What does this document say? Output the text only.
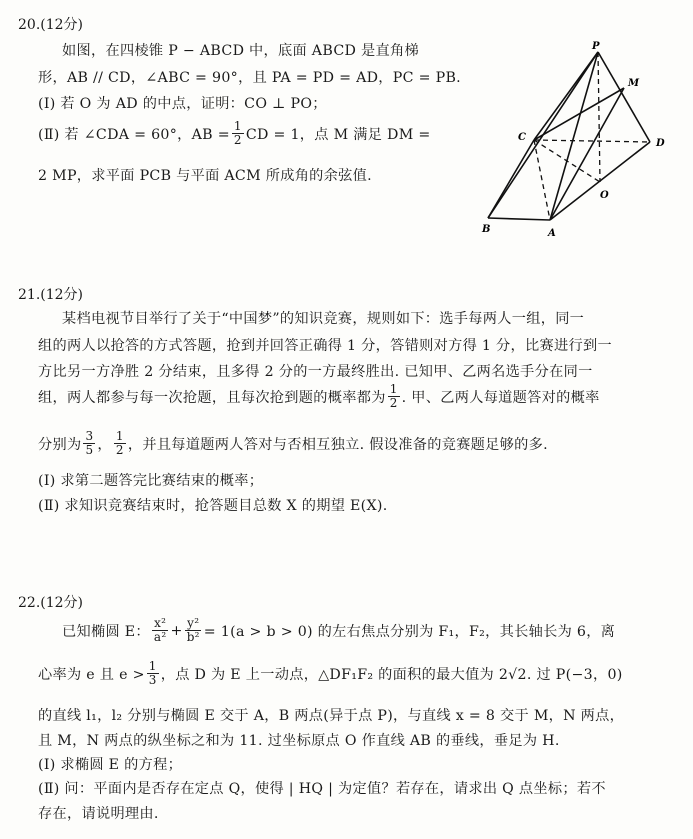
20.(12分)
如图，在四棱锥 P − ABCD 中，底面 ABCD 是直角梯
形，AB // CD，∠ABC = 90°，且 PA = PD = AD，PC = PB.
(Ⅰ) 若 O 为 AD 的中点，证明：CO ⊥ PO；
(Ⅱ) 若 ∠CDA = 60°，AB = $\frac{1}{2}$ CD = 1，点 M 满足 DM =
2 MP，求平面 PCB 与平面 ACM 所成角的余弦值.
P
M
C
D
O
B	A
21.(12分)
某档电视节目举行了关于“中国梦”的知识竞赛，规则如下：选手每两人一组，同一
组的两人以抢答的方式答题，抢到并回答正确得 1 分，答错则对方得 1 分，比赛进行到一
方比另一方净胜 2 分结束，且多得 2 分的一方最终胜出. 已知甲、乙两名选手分在同一
组，两人都参与每一次抢题，且每次抢到题的概率都为 $\frac{1}{2}$ . 甲、乙两人每道题答对的概率
分别为 $\frac{3}{5}$ ， $\frac{1}{2}$ ，并且每道题两人答对与否相互独立. 假设准备的竞赛题足够的多.
(Ⅰ) 求第二题答完比赛结束的概率；
(Ⅱ) 求知识竞赛结束时，抢答题目总数 X 的期望 E(X).
22.(12分)
已知椭圆 E： $\frac{\text{x²}}{\text{a²}} + \frac{\text{y²}}{\text{b²}} = 1(a > b > 0)$ 的左右焦点分别为 F₁，F₂，其长轴长为 6，离
心率为 e 且 $e > \frac{1}{3}$ ，点 D 为 E 上一动点，△DF₁F₂ 的面积的最大值为 2√2. 过 P(−3，0)
的直线 l₁，l₂ 分别与椭圆 E 交于 A，B 两点(异于点 P)，与直线 x = 8 交于 M，N 两点，
且 M，N 两点的纵坐标之和为 11. 过坐标原点 O 作直线 AB 的垂线，垂足为 H.
(Ⅰ) 求椭圆 E 的方程；
(Ⅱ) 问：平面内是否存在定点 Q，使得 | HQ | 为定值？若存在，请求出 Q 点坐标；若不
存在，请说明理由.
